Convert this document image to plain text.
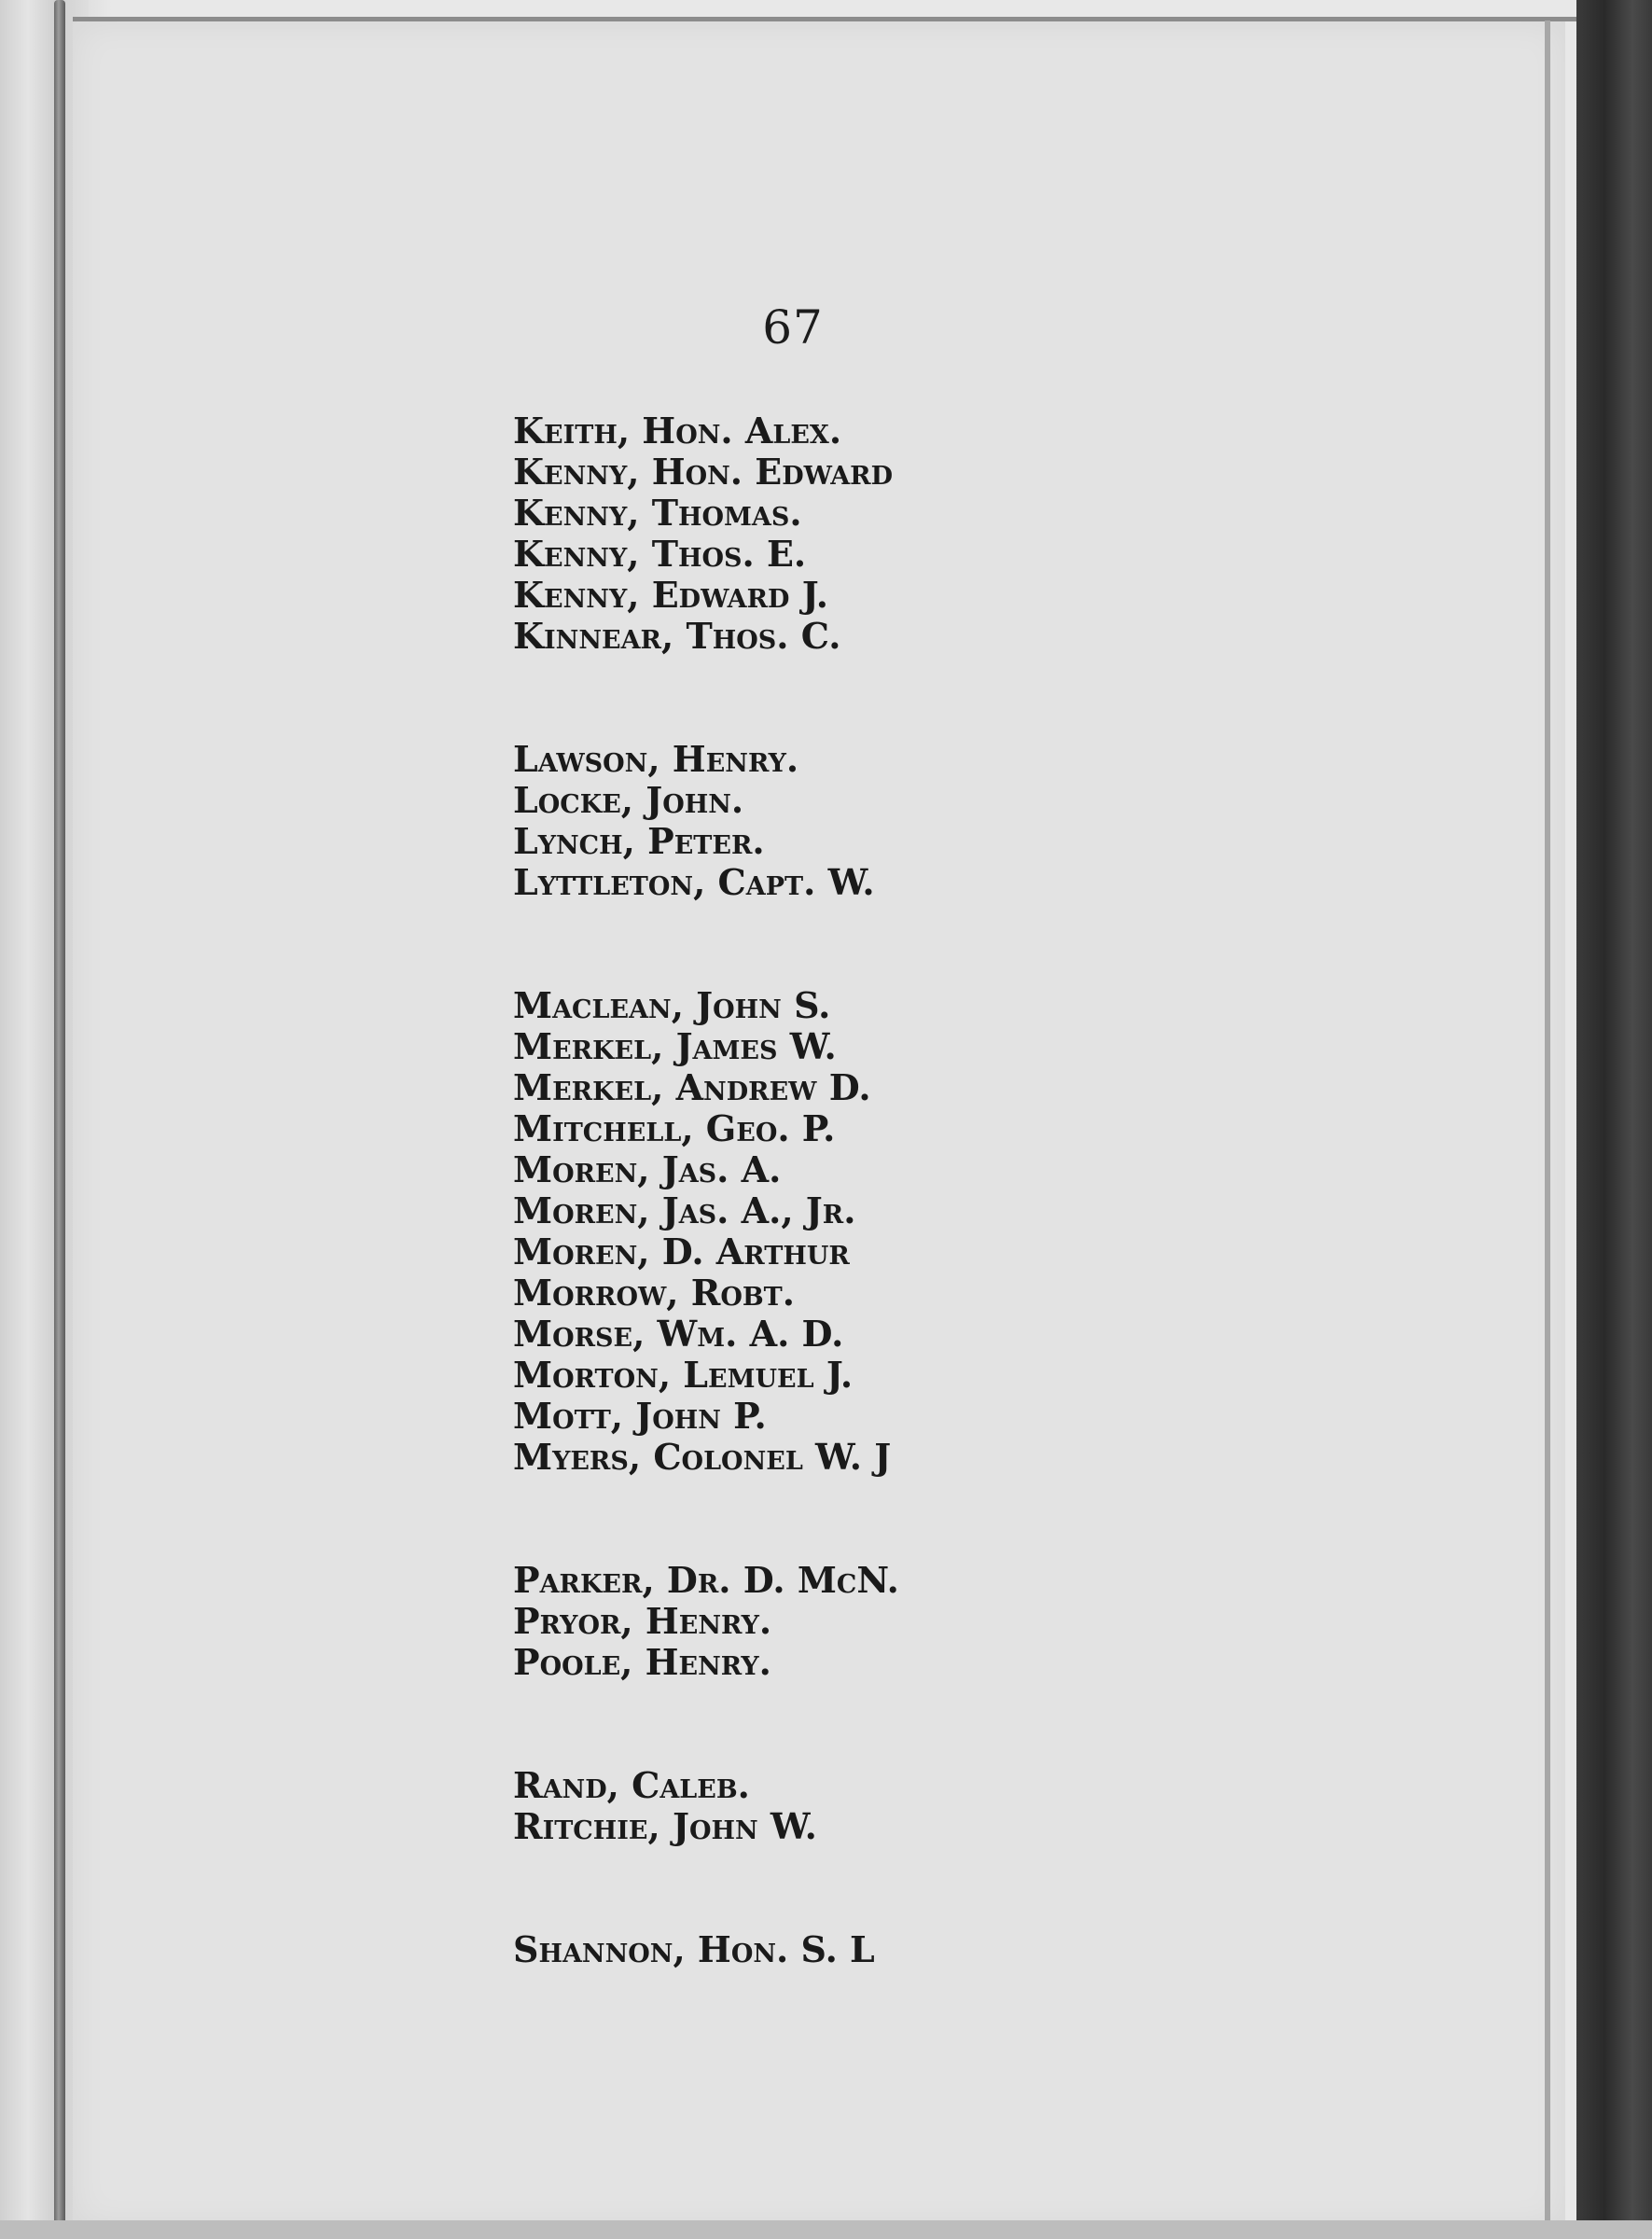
67
Keith, Hon. Alex.
Kenny, Hon. Edward
Kenny, Thomas.
Kenny, Thos. E.
Kenny, Edward J.
Kinnear, Thos. C.
Lawson, Henry.
Locke, John.
Lynch, Peter.
Lyttleton, Capt. W.
Maclean, John S.
Merkel, James W.
Merkel, Andrew D.
Mitchell, Geo. P.
Moren, Jas. A.
Moren, Jas. A., Jr.
Moren, D. Arthur
Morrow, Robt.
Morse, Wm. A. D.
Morton, Lemuel J.
Mott, John P.
Myers, Colonel W. J
Parker, Dr. D. McN.
Pryor, Henry.
Poole, Henry.
Rand, Caleb.
Ritchie, John W.
Shannon, Hon. S. L
